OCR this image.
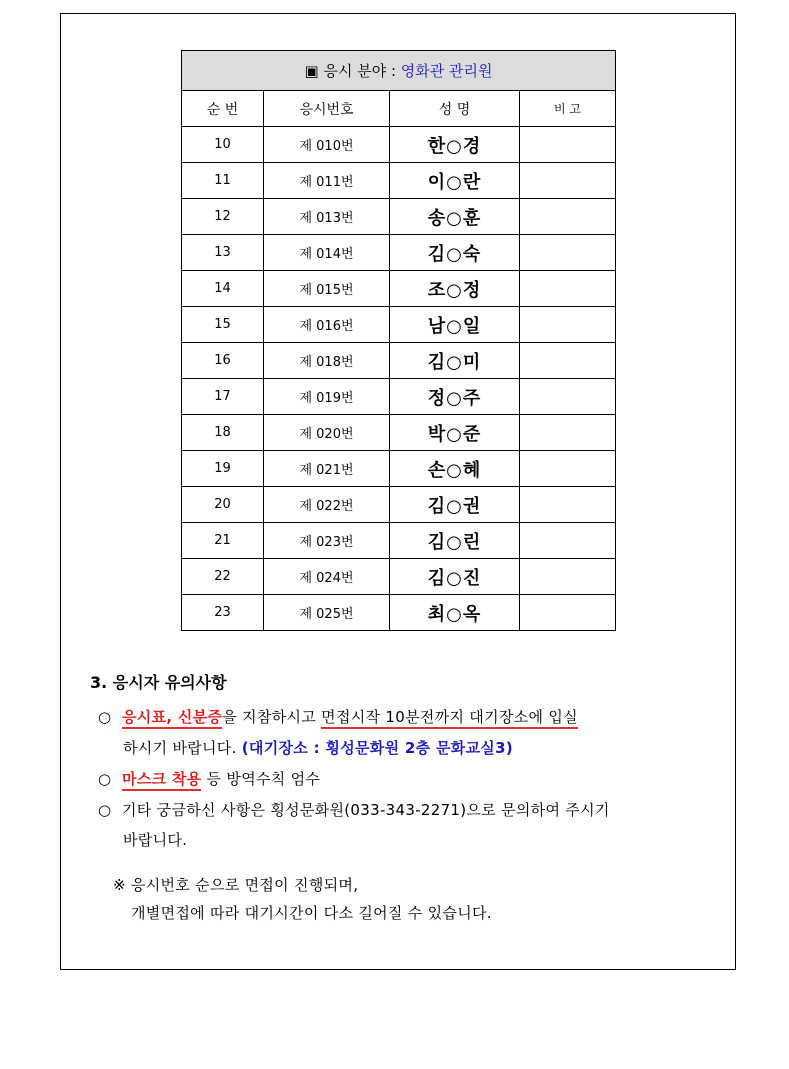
▣ 응시 분야 : 영화관 관리원			
순 번	응시번호	성 명	비 고
10	제 010번	한○경	
11	제 011번	이○란	
12	제 013번	송○훈	
13	제 014번	김○숙	
14	제 015번	조○정	
15	제 016번	남○일	
16	제 018번	김○미	
17	제 019번	정○주	
18	제 020번	박○준	
19	제 021번	손○혜	
20	제 022번	김○권	
21	제 023번	김○린	
22	제 024번	김○진	
23	제 025번	최○옥	
3. 응시자 유의사항
○ 응시표, 신분증을 지참하시고 면접시작 10분전까지 대기장소에 입실
하시기 바랍니다. (대기장소 : 횡성문화원 2층 문화교실3)
○ 마스크 착용 등 방역수칙 엄수
○ 기타 궁금하신 사항은 횡성문화원(033-343-2271)으로 문의하여 주시기
바랍니다.
※ 응시번호 순으로 면접이 진행되며,
개별면접에 따라 대기시간이 다소 길어질 수 있습니다.
